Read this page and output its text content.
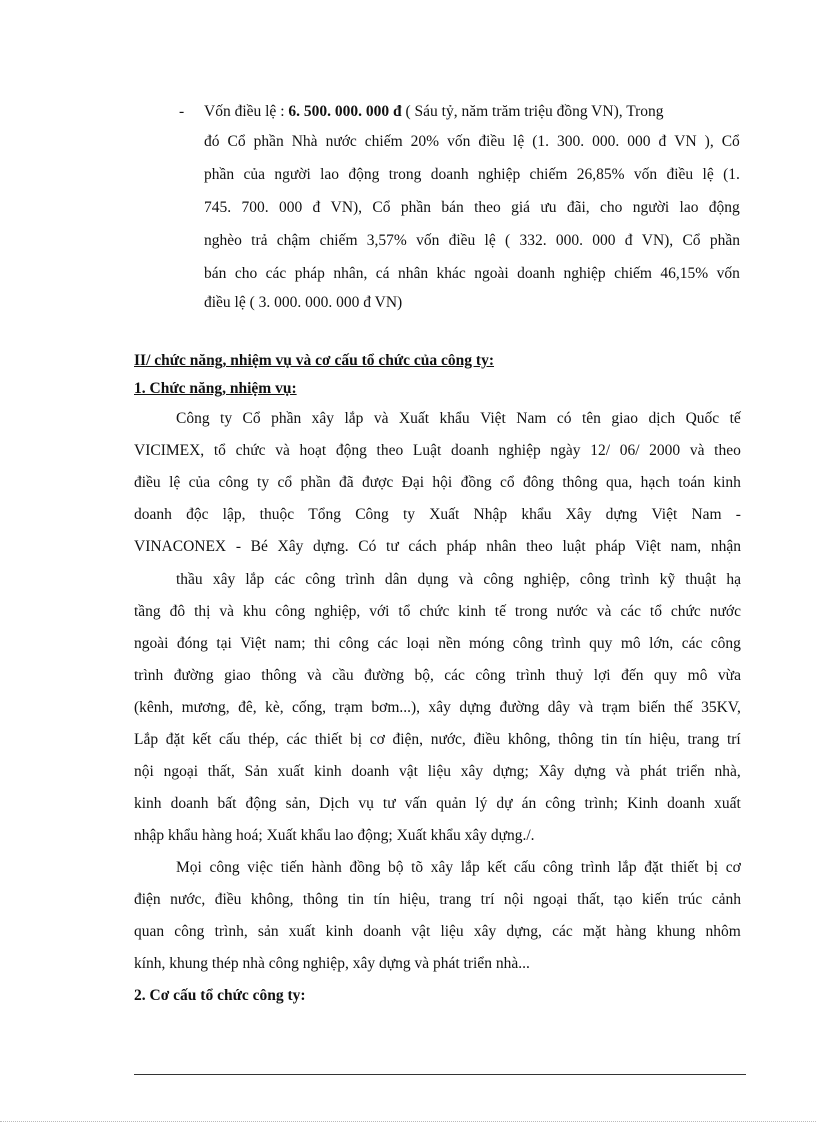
- Vốn điều lệ : 6. 500. 000. 000 đ ( Sáu tỷ, năm trăm triệu đồng VN), Trong
đó Cổ phần Nhà nước chiếm 20% vốn điều lệ (1. 300. 000. 000 đ VN ), Cổ
phần của người lao động trong doanh nghiệp chiếm 26,85% vốn điều lệ (1.
745. 700. 000 đ VN), Cổ phần bán theo giá ưu đãi, cho người lao động
nghèo trả chậm chiếm 3,57% vốn điều lệ ( 332. 000. 000 đ VN), Cổ phần
bán cho các pháp nhân, cá nhân khác ngoài doanh nghiệp chiếm 46,15% vốn
điều lệ ( 3. 000. 000. 000 đ VN)
II/ chức năng, nhiệm vụ và cơ cấu tổ chức của công ty:
1. Chức năng, nhiệm vụ:
Công ty Cổ phần xây lắp và Xuất khẩu Việt Nam có tên giao dịch Quốc tế
VICIMEX, tổ chức và hoạt động theo Luật doanh nghiệp ngày 12/ 06/ 2000 và theo
điều lệ của công ty cổ phần đã được Đại hội đồng cổ đông thông qua, hạch toán kinh
doanh độc lập, thuộc Tổng Công ty Xuất Nhập khẩu Xây dựng Việt Nam -
VINACONEX - Bé Xây dựng. Có tư cách pháp nhân theo luật pháp Việt nam, nhận
thầu xây lắp các công trình dân dụng và công nghiệp, công trình kỹ thuật hạ
tầng đô thị và khu công nghiệp, với tổ chức kinh tế trong nước và các tổ chức nước
ngoài đóng tại Việt nam; thi công các loại nền móng công trình quy mô lớn, các công
trình đường giao thông và cầu đường bộ, các công trình thuỷ lợi đến quy mô vừa
(kênh, mương, đê, kè, cống, trạm bơm...), xây dựng đường dây và trạm biến thế 35KV,
Lắp đặt kết cấu thép, các thiết bị cơ điện, nước, điều không, thông tin tín hiệu, trang trí
nội ngoại thất, Sản xuất kinh doanh vật liệu xây dựng; Xây dựng và phát triển nhà,
kinh doanh bất động sản, Dịch vụ tư vấn quản lý dự án công trình; Kinh doanh xuất
nhập khẩu hàng hoá; Xuất khẩu lao động; Xuất khẩu xây dựng./.
Mọi công việc tiến hành đồng bộ tõ xây lắp kết cấu công trình lắp đặt thiết bị cơ
điện nước, điều không, thông tin tín hiệu, trang trí nội ngoại thất, tạo kiến trúc cảnh
quan công trình, sản xuất kinh doanh vật liệu xây dựng, các mặt hàng khung nhôm
kính, khung thép nhà công nghiệp, xây dựng và phát triển nhà...
2. Cơ cấu tổ chức công ty:
